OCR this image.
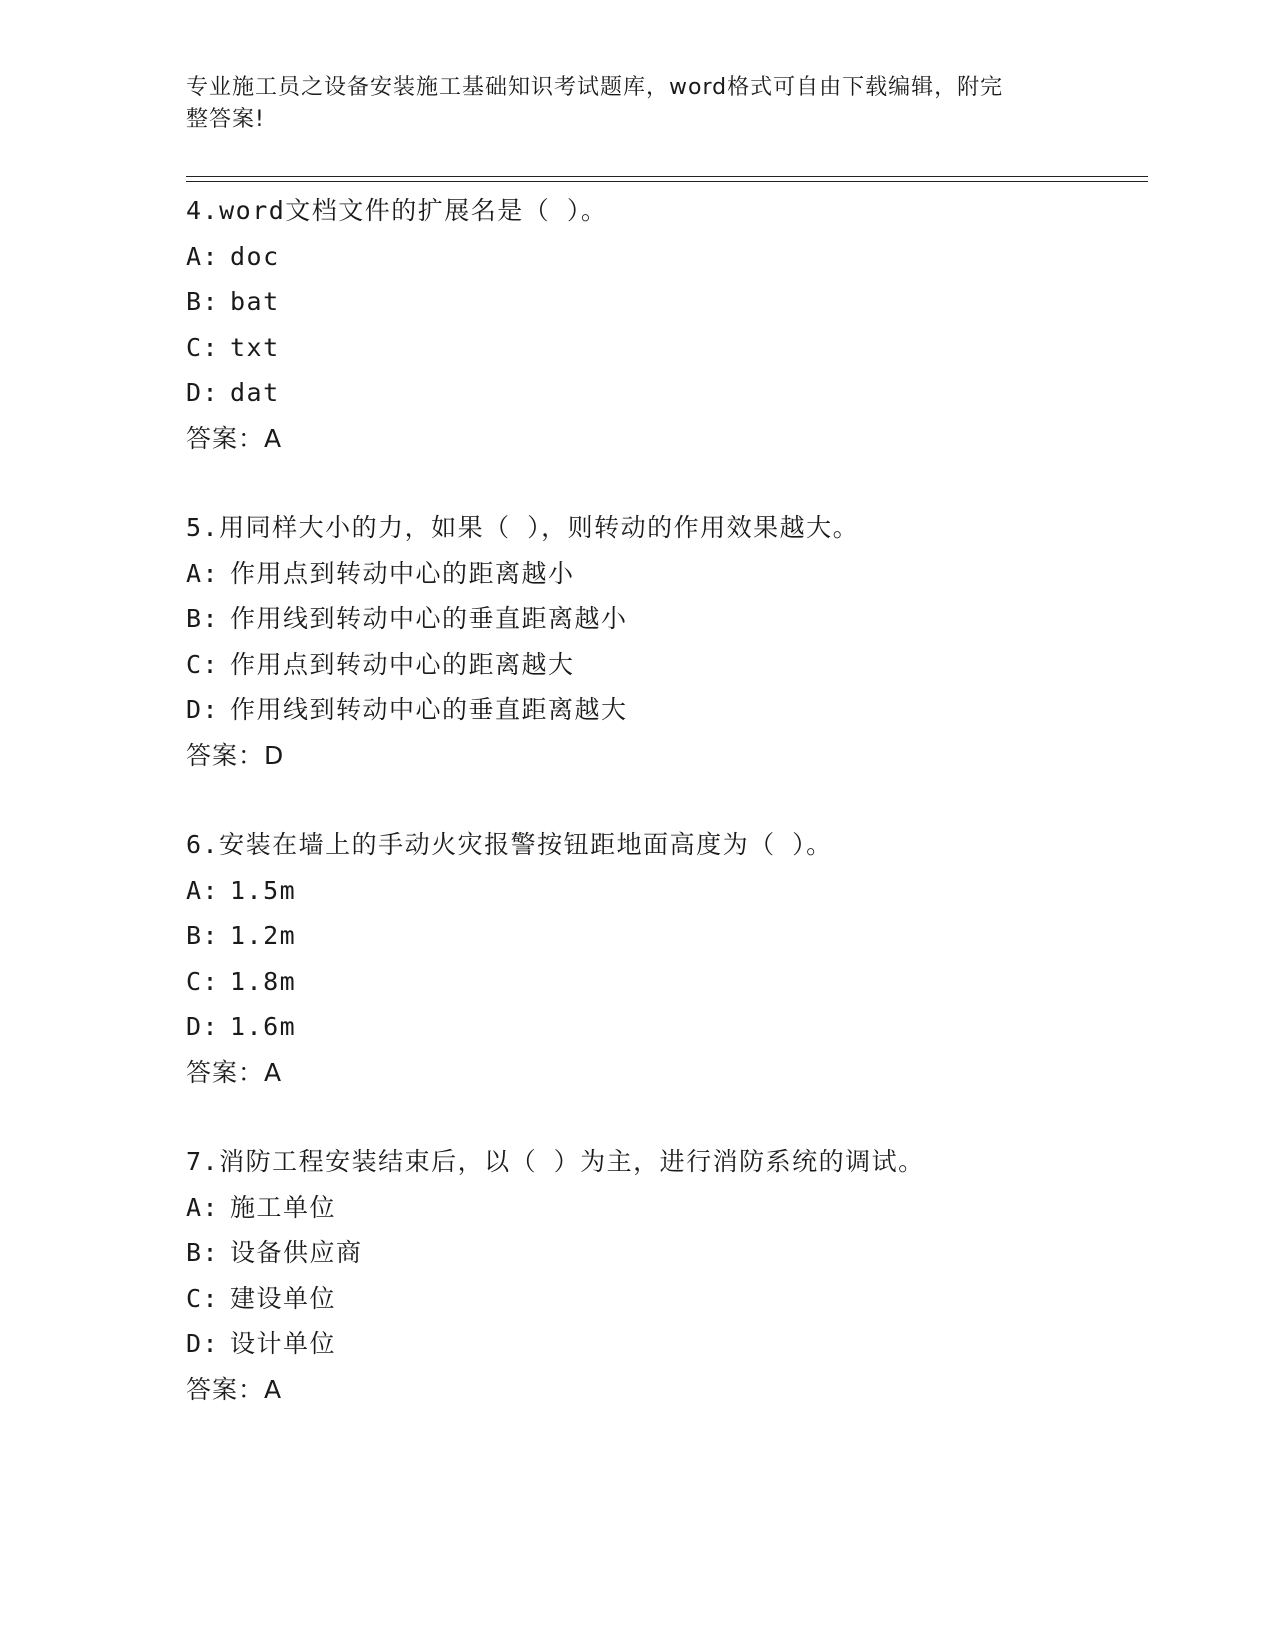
专业施工员之设备安装施工基础知识考试题库，word格式可自由下载编辑，附完
整答案!
4.word文档文件的扩展名是（ ）。
A: doc
B: bat
C: txt
D: dat
答案：A
5.用同样大小的力，如果（ ），则转动的作用效果越大。
A: 作用点到转动中心的距离越小
B: 作用线到转动中心的垂直距离越小
C: 作用点到转动中心的距离越大
D: 作用线到转动中心的垂直距离越大
答案：D
6.安装在墙上的手动火灾报警按钮距地面高度为（ ）。
A: 1.5m
B: 1.2m
C: 1.8m
D: 1.6m
答案：A
7.消防工程安装结束后，以（ ）为主，进行消防系统的调试。
A: 施工单位
B: 设备供应商
C: 建设单位
D: 设计单位
答案：A
